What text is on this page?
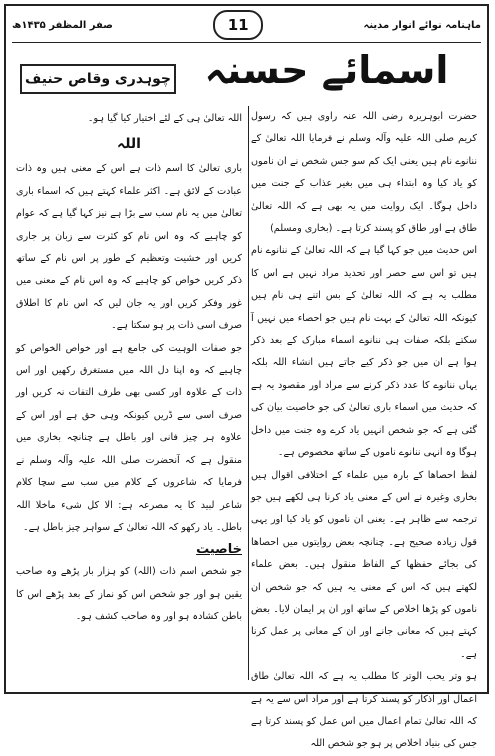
ماہنامہ نوائے انوار مدینہ
11
صفر المظفر ۱۴۳۵ھ
اسمائے حسنہ
چوہدری وقاص حنیف

حضرت ابوہریرہ رضی اللہ عنہ راوی ہیں کہ رسول کریم صلی اللہ علیہ وآلہ وسلم نے فرمایا اللہ تعالیٰ کے ننانوے نام ہیں یعنی ایک کم سو جس شخص نے ان ناموں کو یاد کیا وہ ابتداء ہی میں بغیر عذاب کے جنت میں داخل ہوگا۔ ایک روایت میں یہ بھی ہے کہ اللہ تعالیٰ طاق ہے اور طاق کو پسند کرتا ہے۔ (بخاری ومسلم)

اس حدیث میں جو کہا گیا ہے کہ اللہ تعالیٰ کے ننانوے نام ہیں تو اس سے حصر اور تحدید مراد نہیں ہے اس کا مطلب یہ ہے کہ اللہ تعالیٰ کے بس اتنے ہی نام ہیں کیونکہ اللہ تعالیٰ کے بہت نام ہیں جو احصاء میں نہیں آ سکتے بلکہ صفات ہی ننانوے اسماء مبارک کے بعد ذکر ہوا ہے ان میں جو ذکر کیے جاتے ہیں انشاء اللہ بلکہ یہاں ننانوے کا عدد ذکر کرنے سے مراد اور مقصود یہ ہے کہ حدیث میں اسماء باری تعالیٰ کی جو خاصیت بیان کی گئی ہے کہ جو شخص انہیں یاد کرے وہ جنت میں داخل ہوگا وہ انہی ننانوے ناموں کے ساتھ مخصوص ہے۔

لفظ احصاھا کے بارہ میں علماء کے اختلافی اقوال ہیں بخاری وغیرہ نے اس کے معنی یاد کرنا ہی لکھے ہیں جو ترجمہ سے ظاہر ہے۔ یعنی ان ناموں کو یاد کیا اور یہی قول زیادہ صحیح ہے۔ چنانچہ بعض روایتوں میں احصاھا کی بجائے حفظھا کے الفاظ منقول ہیں۔ بعض علماء لکھتے ہیں کہ اس کے معنی یہ ہیں کہ جو شخص ان ناموں کو پڑھا اخلاص کے ساتھ اور ان پر ایمان لایا۔ بعض کہتے ہیں کہ معانی جانے اور ان کے معانی پر عمل کرنا ہے۔

ہو وتر یحب الوتر کا مطلب یہ ہے کہ اللہ تعالیٰ طاق اعمال اور اذکار کو پسند کرتا ہے اور مراد اس سے یہ ہے کہ اللہ تعالیٰ تمام اعمال میں اس عمل کو پسند کرتا ہے جس کی بنیاد اخلاص پر ہو جو شخص اللہ

اللہ تعالیٰ ہی کے لئے اختیار کیا گیا ہو۔

اللہ

باری تعالیٰ کا اسم ذات ہے اس کے معنی ہیں وہ ذات عبادت کے لائق ہے۔ اکثر علماء کہتے ہیں کہ اسماء باری تعالیٰ میں یہ نام سب سے بڑا ہے نیز کہا گیا ہے کہ عوام کو چاہیے کہ وہ اس نام کو کثرت سے زبان پر جاری کریں اور خشیت وتعظیم کے طور پر اس نام کے ساتھ ذکر کریں خواص کو چاہیے کہ وہ اس نام کے معنی میں غور وفکر کریں اور یہ جان لیں کہ اس نام کا اطلاق صرف اسی ذات پر ہو سکتا ہے۔

جو صفات الوہیت کی جامع ہے اور خواص الخواص کو چاہیے کہ وہ اپنا دل اللہ میں مستغرق رکھیں اور اس ذات کے علاوہ اور کسی بھی طرف التفات نہ کریں اور صرف اسی سے ڈریں کیونکہ وہی حق ہے اور اس کے علاوہ ہر چیز فانی اور باطل ہے چنانچہ بخاری میں منقول ہے کہ آنحضرت صلی اللہ علیہ وآلہ وسلم نے فرمایا کہ شاعروں کے کلام میں سب سے سچا کلام شاعر لبید کا یہ مصرعہ ہے: الا کل شیء ماخلا اللہ باطل۔ یاد رکھو کہ اللہ تعالیٰ کے سواہر چیز باطل ہے۔

خاصیت

جو شخص اسم ذات (اللہ) کو ہزار بار پڑھے وہ صاحب یقین ہو اور جو شخص اس کو نماز کے بعد پڑھے اس کا باطن کشادہ ہو اور وہ صاحب کشف ہو۔
